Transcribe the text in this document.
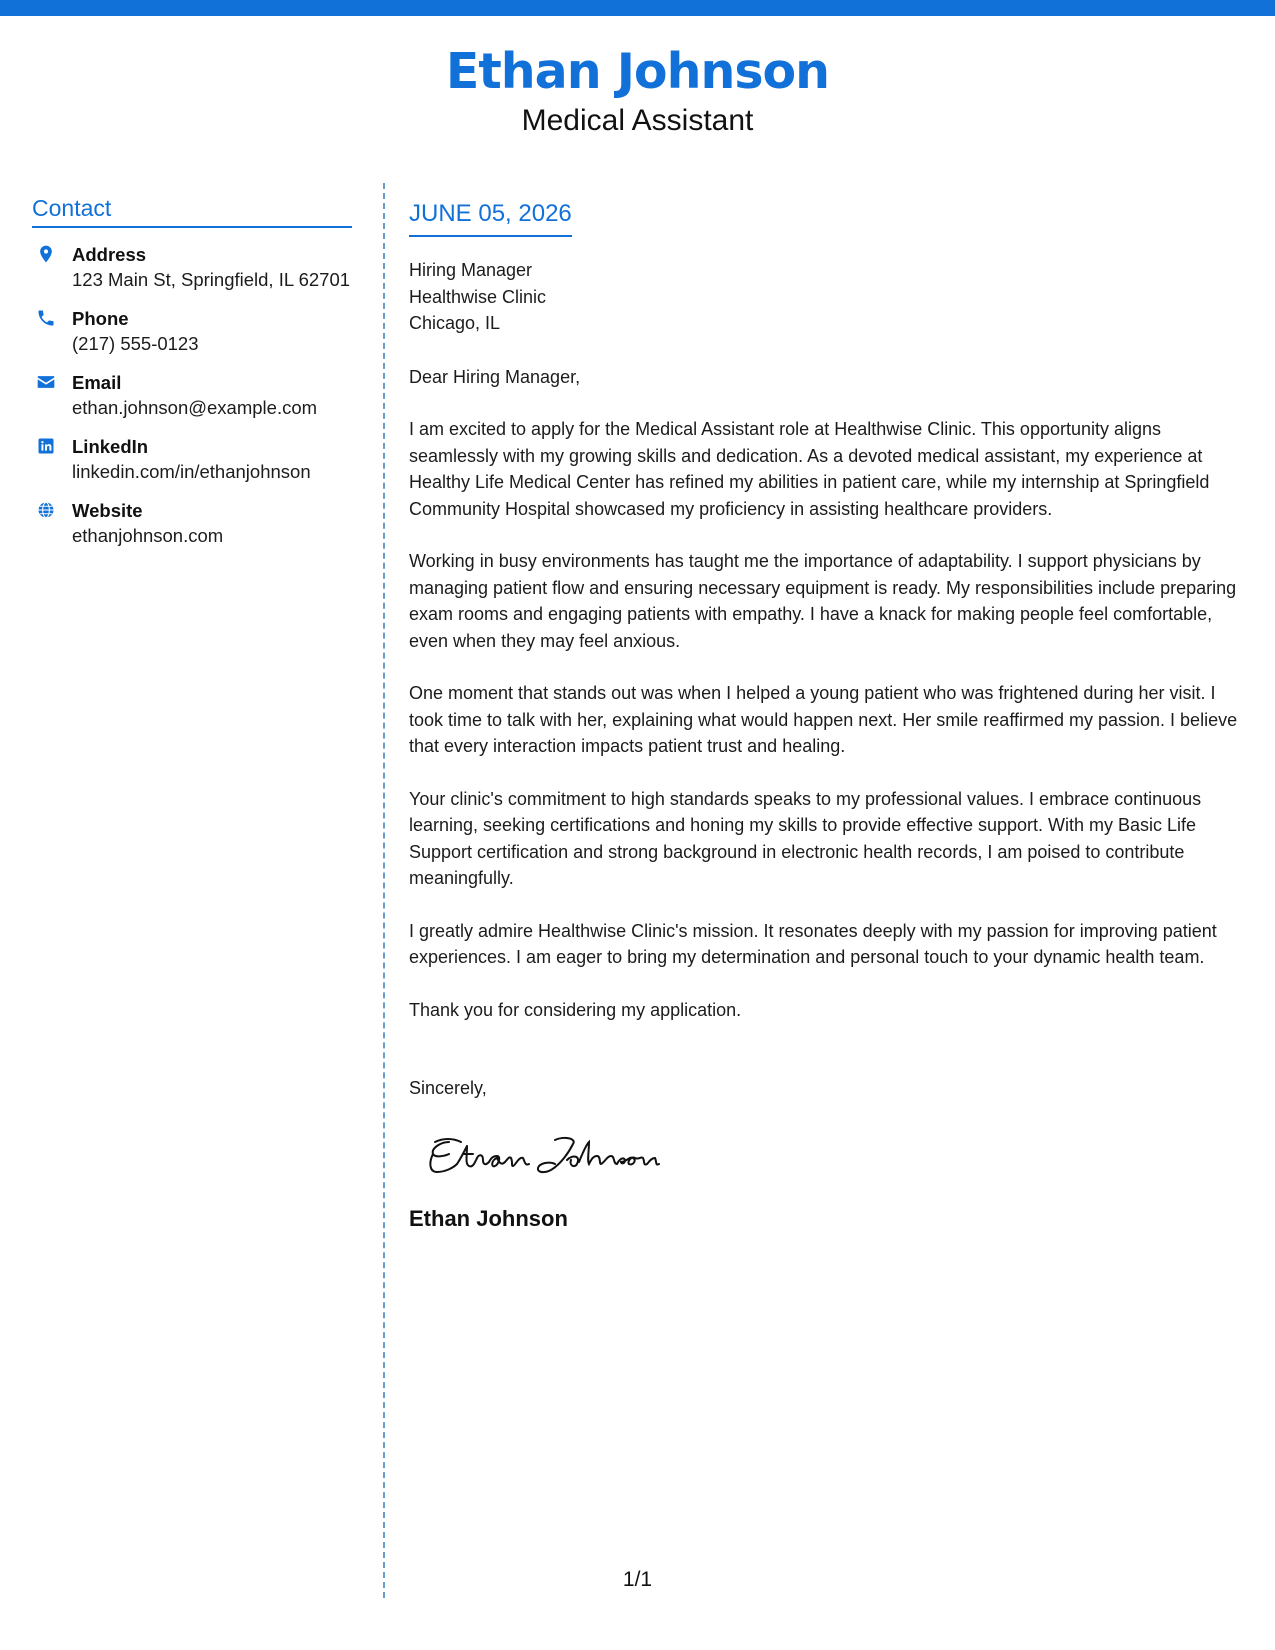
Ethan Johnson
Medical Assistant
Contact
Address
123 Main St, Springfield, IL 62701
Phone
(217) 555-0123
Email
ethan.johnson@example.com
LinkedIn
linkedin.com/in/ethanjohnson
Website
ethanjohnson.com
JUNE 05, 2026
Hiring Manager
Healthwise Clinic
Chicago, IL
Dear Hiring Manager,
I am excited to apply for the Medical Assistant role at Healthwise Clinic. This opportunity aligns seamlessly with my growing skills and dedication. As a devoted medical assistant, my experience at Healthy Life Medical Center has refined my abilities in patient care, while my internship at Springfield Community Hospital showcased my proficiency in assisting healthcare providers.
Working in busy environments has taught me the importance of adaptability. I support physicians by managing patient flow and ensuring necessary equipment is ready. My responsibilities include preparing exam rooms and engaging patients with empathy. I have a knack for making people feel comfortable, even when they may feel anxious.
One moment that stands out was when I helped a young patient who was frightened during her visit. I took time to talk with her, explaining what would happen next. Her smile reaffirmed my passion. I believe that every interaction impacts patient trust and healing.
Your clinic's commitment to high standards speaks to my professional values. I embrace continuous learning, seeking certifications and honing my skills to provide effective support. With my Basic Life Support certification and strong background in electronic health records, I am poised to contribute meaningfully.
I greatly admire Healthwise Clinic's mission. It resonates deeply with my passion for improving patient experiences. I am eager to bring my determination and personal touch to your dynamic health team.
Thank you for considering my application.
Sincerely,
Ethan Johnson
1/1
